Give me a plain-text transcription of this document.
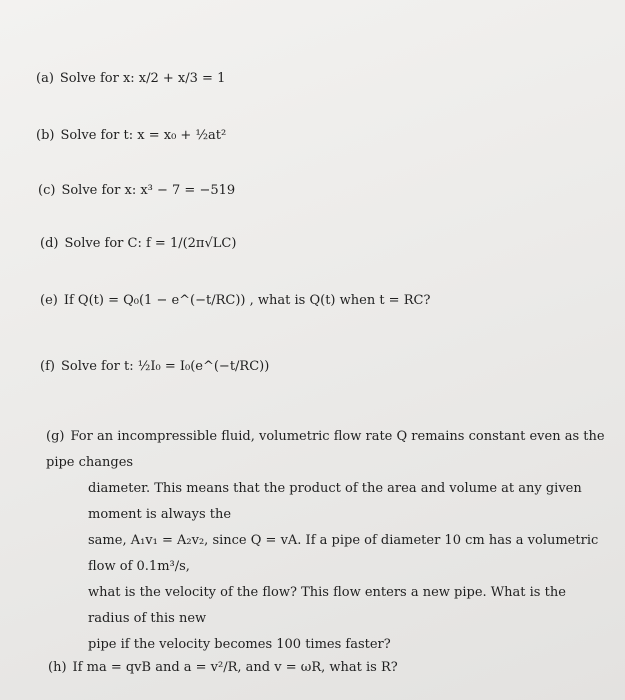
(a) Solve for x: x/2 + x/3 = 1
(b) Solve for t: x = x₀ + ½at²
(c) Solve for x: x³ − 7 = −519
(d) Solve for C: f = 1/(2π√LC)
(e) If Q(t) = Q₀(1 − e^(−t/RC)) , what is Q(t) when t = RC?
(f) Solve for t: ½I₀ = I₀(e^(−t/RC))
(g) For an incompressible fluid, volumetric flow rate Q remains constant even as the pipe changes
diameter. This means that the product of the area and volume at any given moment is always the
same, A₁v₁ = A₂v₂, since Q = vA. If a pipe of diameter 10 cm has a volumetric flow of 0.1m³/s,
what is the velocity of the flow? This flow enters a new pipe. What is the radius of this new
pipe if the velocity becomes 100 times faster?
(h) If ma = qvB and a = v²/R, and v = ωR, what is R?
